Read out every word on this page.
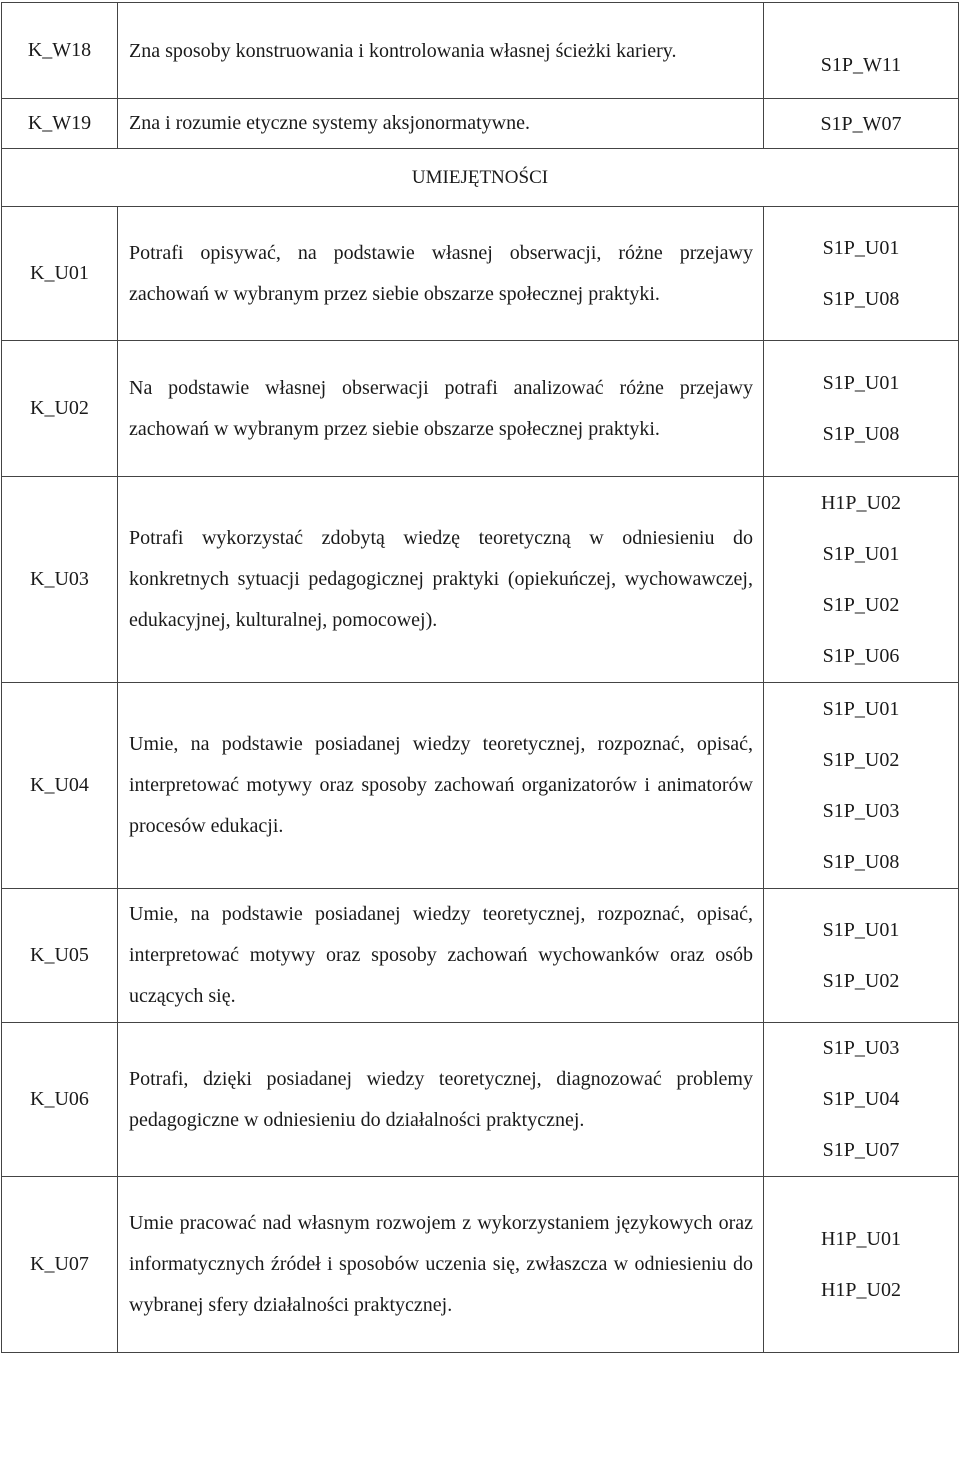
K_W18	Zna sposoby konstruowania i kontrolowania własnej ścieżki kariery.	S1P_W11

K_W19	Zna i rozumie etyczne systemy aksjonormatywne.	S1P_W07

UMIEJĘTNOŚCI		
K_U01	Potrafi opisywać, na podstawie własnej obserwacji, różne przejawy zachowań w wybranym przez siebie obszarze społecznej praktyki.	S1P_U01
S1P_U08

K_U02	Na podstawie własnej obserwacji potrafi analizować różne przejawy zachowań w wybranym przez siebie obszarze społecznej praktyki.	S1P_U01
S1P_U08

K_U03	Potrafi wykorzystać zdobytą wiedzę teoretyczną w odniesieniu do konkretnych sytuacji pedagogicznej praktyki (opiekuńczej, wychowawczej, edukacyjnej, kulturalnej, pomocowej).	H1P_U02
S1P_U01
S1P_U02
S1P_U06

K_U04	Umie, na podstawie posiadanej wiedzy teoretycznej, rozpoznać, opisać, interpretować motywy oraz sposoby zachowań organizatorów i animatorów procesów edukacji.	S1P_U01
S1P_U02
S1P_U03
S1P_U08

K_U05	Umie, na podstawie posiadanej wiedzy teoretycznej, rozpoznać, opisać, interpretować motywy oraz sposoby zachowań wychowanków oraz osób uczących się.	S1P_U01
S1P_U02

K_U06	Potrafi, dzięki posiadanej wiedzy teoretycznej, diagnozować problemy pedagogiczne w odniesieniu do działalności praktycznej.	S1P_U03
S1P_U04
S1P_U07

K_U07	Umie pracować nad własnym rozwojem z wykorzystaniem językowych oraz informatycznych źródeł i sposobów uczenia się, zwłaszcza w odniesieniu do wybranej sfery działalności praktycznej.	H1P_U01
H1P_U02
